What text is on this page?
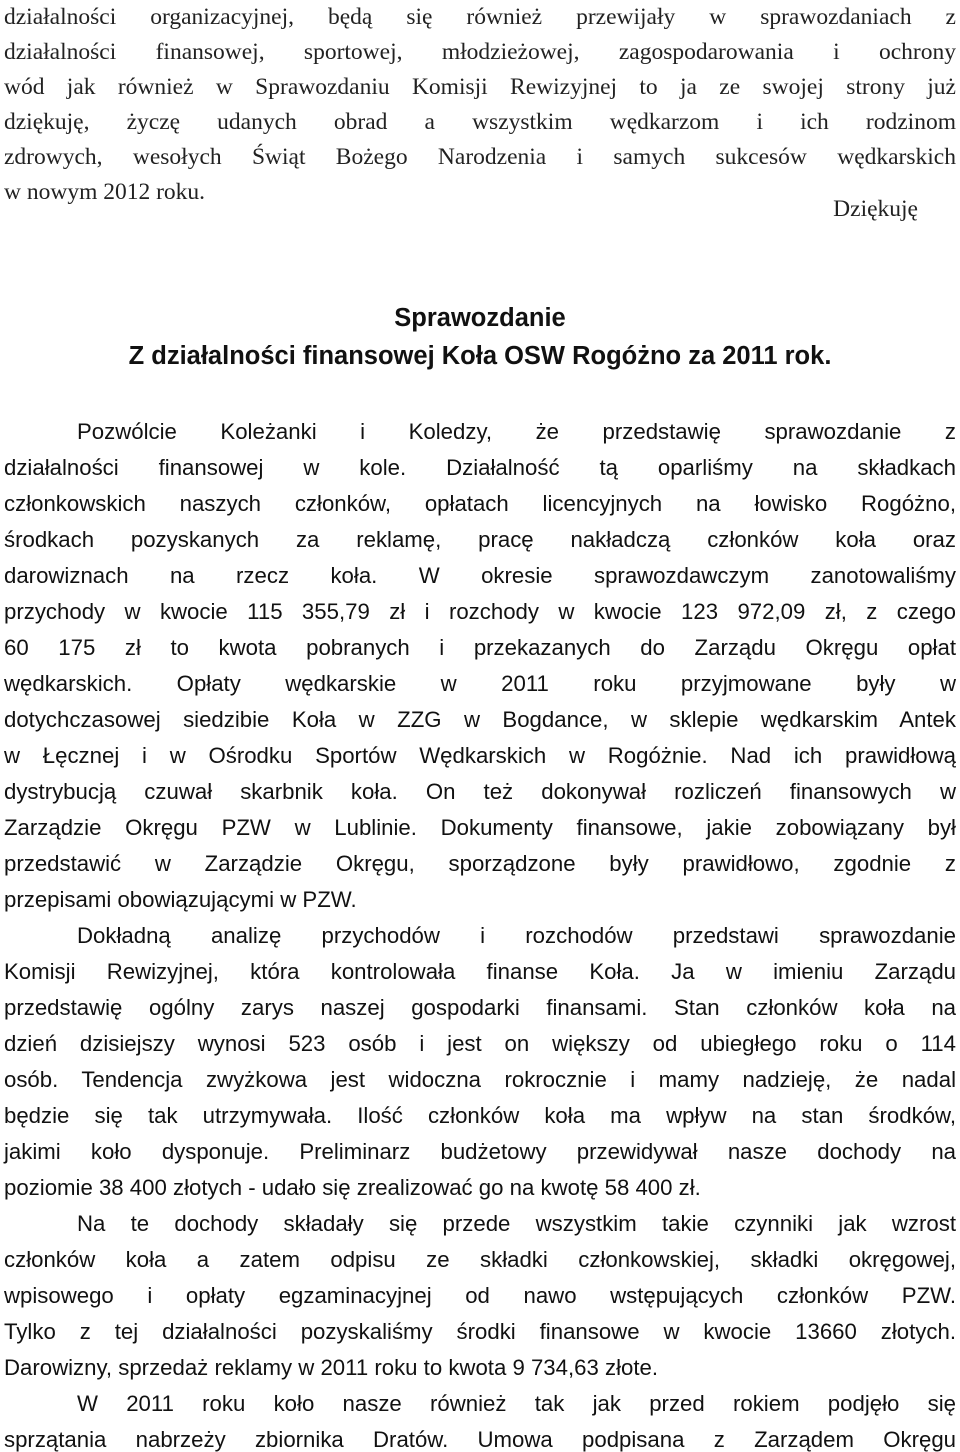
działalności organizacyjnej, będą się również przewijały w sprawozdaniach z
działalności finansowej, sportowej, młodzieżowej, zagospodarowania i ochrony
wód jak również w Sprawozdaniu Komisji Rewizyjnej to ja ze swojej strony już
dziękuję, życzę udanych obrad a wszystkim wędkarzom i ich rodzinom
zdrowych, wesołych Świąt Bożego Narodzenia i samych sukcesów wędkarskich
w nowym 2012 roku.

Dziękuję

Sprawozdanie
Z działalności finansowej Koła OSW Rogóżno za 2011 rok.
Pozwólcie Koleżanki i Koledzy, że przedstawię sprawozdanie z
działalności finansowej w kole. Działalność tą oparliśmy na składkach
członkowskich naszych członków, opłatach licencyjnych na łowisko Rogóżno,
środkach pozyskanych za reklamę, pracę nakładczą członków koła oraz
darowiznach na rzecz koła. W okresie sprawozdawczym zanotowaliśmy
przychody w kwocie 115 355,79 zł i rozchody w kwocie 123 972,09 zł, z czego
60 175 zł to kwota pobranych i przekazanych do Zarządu Okręgu opłat
wędkarskich. Opłaty wędkarskie w 2011 roku przyjmowane były w
dotychczasowej siedzibie Koła w ZZG w Bogdance, w sklepie wędkarskim Antek
w Łęcznej i w Ośrodku Sportów Wędkarskich w Rogóżnie. Nad ich prawidłową
dystrybucją czuwał skarbnik koła. On też dokonywał rozliczeń finansowych w
Zarządzie Okręgu PZW w Lublinie. Dokumenty finansowe, jakie zobowiązany był
przedstawić w Zarządzie Okręgu, sporządzone były prawidłowo, zgodnie z
przepisami obowiązującymi w PZW.
Dokładną analizę przychodów i rozchodów przedstawi sprawozdanie
Komisji Rewizyjnej, która kontrolowała finanse Koła. Ja w imieniu Zarządu
przedstawię ogólny zarys naszej gospodarki finansami. Stan członków koła na
dzień dzisiejszy wynosi 523 osób i jest on większy od ubiegłego roku o 114
osób. Tendencja zwyżkowa jest widoczna rokrocznie i mamy nadzieję, że nadal
będzie się tak utrzymywała. Ilość członków koła ma wpływ na stan środków,
jakimi koło dysponuje. Preliminarz budżetowy przewidywał nasze dochody na
poziomie 38 400 złotych - udało się zrealizować go na kwotę 58 400 zł.
Na te dochody składały się przede wszystkim takie czynniki jak wzrost
członków koła a zatem odpisu ze składki członkowskiej, składki okręgowej,
wpisowego i opłaty egzaminacyjnej od nawo wstępujących członków PZW.
Tylko z tej działalności pozyskaliśmy środki finansowe w kwocie 13660 złotych.
Darowizny, sprzedaż reklamy w 2011 roku to kwota 9 734,63 złote.
W 2011 roku koło nasze również tak jak przed rokiem podjęło się
sprzątania nabrzeży zbiornika Dratów. Umowa podpisana z Zarządem Okręgu
